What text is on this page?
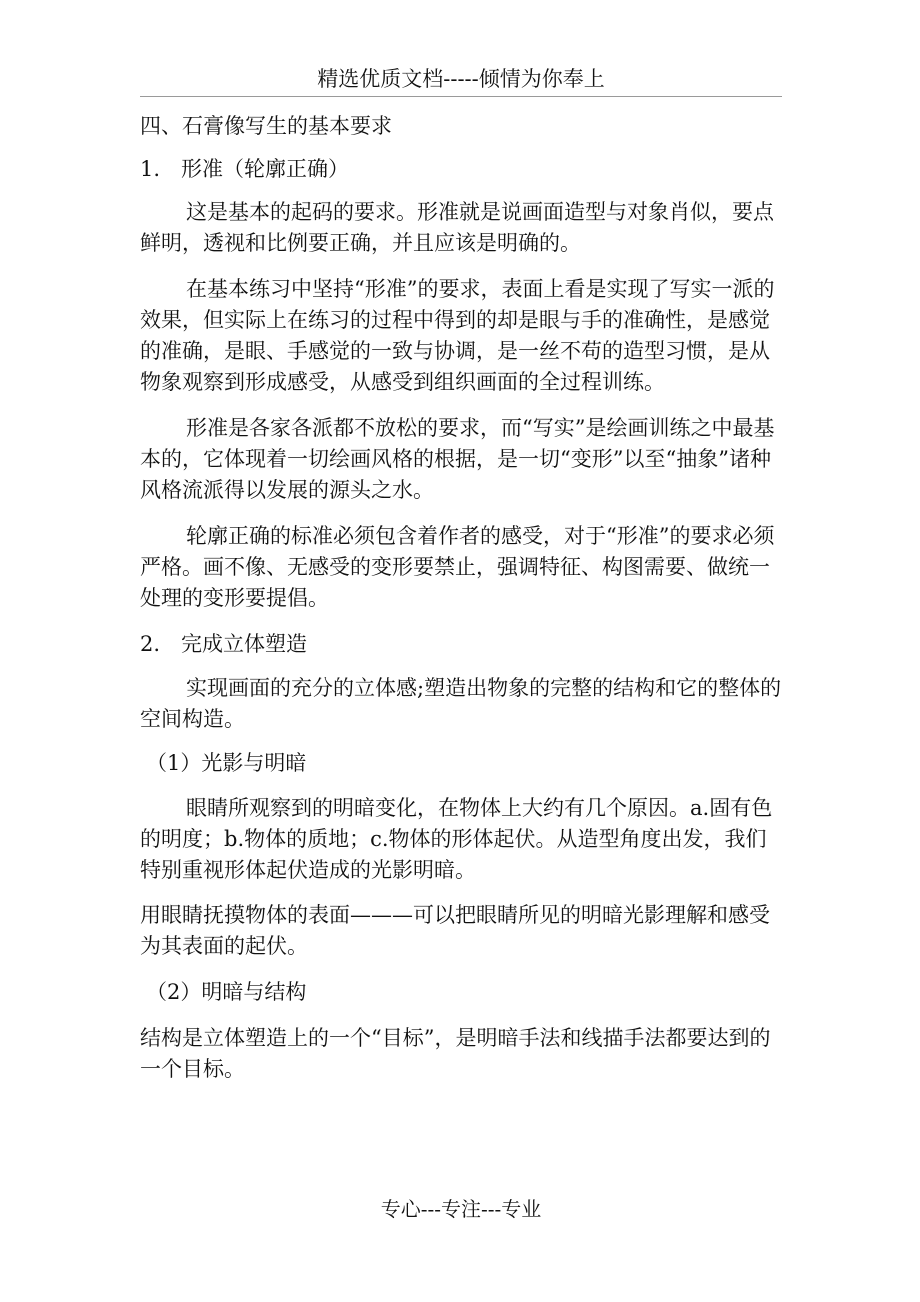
精选优质文档-----倾情为你奉上

四、石膏像写生的基本要求

1.　形准（轮廓正确）

这是基本的起码的要求。形准就是说画面造型与对象肖似，要点鲜明，透视和比例要正确，并且应该是明确的。

在基本练习中坚持“形准”的要求，表面上看是实现了写实一派的效果，但实际上在练习的过程中得到的却是眼与手的准确性，是感觉的准确，是眼、手感觉的一致与协调，是一丝不苟的造型习惯，是从物象观察到形成感受，从感受到组织画面的全过程训练。

形准是各家各派都不放松的要求，而“写实”是绘画训练之中最基本的，它体现着一切绘画风格的根据，是一切“变形”以至“抽象”诸种风格流派得以发展的源头之水。

轮廓正确的标准必须包含着作者的感受，对于“形准”的要求必须严格。画不像、无感受的变形要禁止，强调特征、构图需要、做统一处理的变形要提倡。

2.　完成立体塑造

实现画面的充分的立体感;塑造出物象的完整的结构和它的整体的空间构造。

（1）光影与明暗

眼睛所观察到的明暗变化，在物体上大约有几个原因。a.固有色的明度；b.物体的质地；c.物体的形体起伏。从造型角度出发，我们特别重视形体起伏造成的光影明暗。

用眼睛抚摸物体的表面———可以把眼睛所见的明暗光影理解和感受为其表面的起伏。

（2）明暗与结构

结构是立体塑造上的一个“目标”，是明暗手法和线描手法都要达到的一个目标。

专心---专注---专业
